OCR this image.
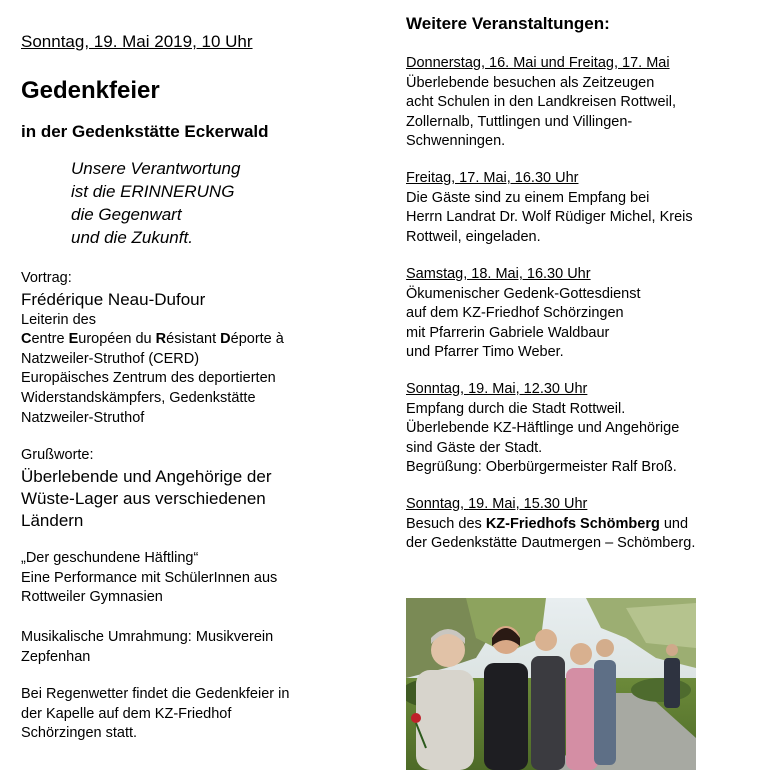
Sonntag, 19. Mai 2019, 10 Uhr
Gedenkfeier
in der Gedenkstätte Eckerwald
Unsere Verantwortung
ist die ERINNERUNG
die Gegenwart
und die Zukunft.
Vortrag:
Frédérique Neau-Dufour
Leiterin des
Centre Européen du Résistant Déporte à
Natzweiler-Struthof (CERD)
Europäisches Zentrum des deportierten
Widerstandskämpfers, Gedenkstätte
Natzweiler-Struthof
Grußworte:
Überlebende und Angehörige der
Wüste-Lager aus verschiedenen
Ländern
„Der geschundene Häftling“
Eine Performance mit SchülerInnen aus
Rottweiler Gymnasien
Musikalische Umrahmung: Musikverein
Zepfenhan
Bei Regenwetter findet die Gedenkfeier in
der Kapelle auf dem KZ-Friedhof
Schörzingen statt.
Weitere Veranstaltungen:
Donnerstag, 16. Mai und Freitag, 17. Mai
Überlebende besuchen als Zeitzeugen
acht Schulen in den Landkreisen Rottweil,
Zollernalb, Tuttlingen und Villingen-
Schwenningen.
Freitag, 17. Mai, 16.30 Uhr
Die Gäste sind zu einem Empfang bei
Herrn Landrat Dr. Wolf Rüdiger Michel, Kreis
Rottweil, eingeladen.
Samstag, 18. Mai, 16.30 Uhr
Ökumenischer Gedenk-Gottesdienst
auf dem KZ-Friedhof Schörzingen
mit Pfarrerin Gabriele Waldbaur
und Pfarrer Timo Weber.
Sonntag, 19. Mai, 12.30 Uhr
Empfang durch die Stadt Rottweil.
Überlebende KZ-Häftlinge und Angehörige
sind Gäste der Stadt.
Begrüßung: Oberbürgermeister Ralf Broß.
Sonntag, 19. Mai, 15.30 Uhr
Besuch des KZ-Friedhofs Schömberg und
der Gedenkstätte Dautmergen – Schömberg.
